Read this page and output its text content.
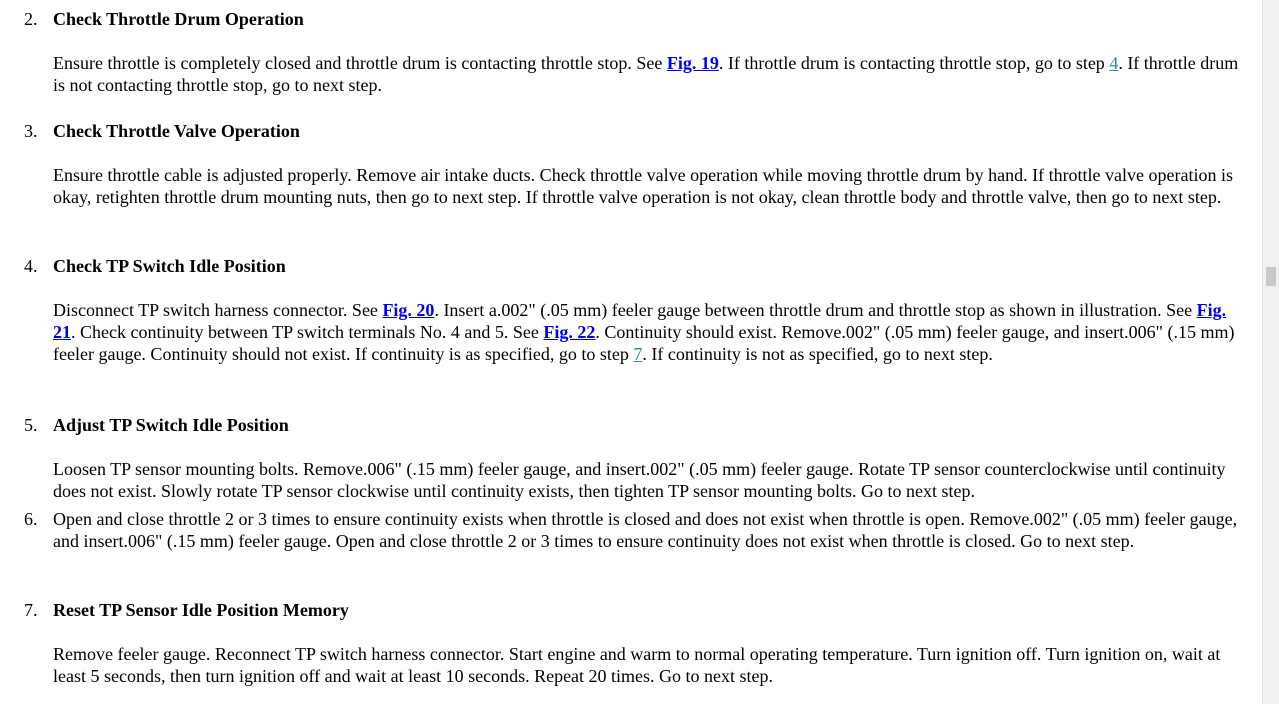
2. Check Throttle Drum Operation
Ensure throttle is completely closed and throttle drum is contacting throttle stop. See Fig. 19. If throttle drum is contacting throttle stop, go to step 4. If throttle drum is not contacting throttle stop, go to next step.
3. Check Throttle Valve Operation
Ensure throttle cable is adjusted properly. Remove air intake ducts. Check throttle valve operation while moving throttle drum by hand. If throttle valve operation is okay, retighten throttle drum mounting nuts, then go to next step. If throttle valve operation is not okay, clean throttle body and throttle valve, then go to next step.
4. Check TP Switch Idle Position
Disconnect TP switch harness connector. See Fig. 20. Insert a.002" (.05 mm) feeler gauge between throttle drum and throttle stop as shown in illustration. See Fig. 21. Check continuity between TP switch terminals No. 4 and 5. See Fig. 22. Continuity should exist. Remove.002" (.05 mm) feeler gauge, and insert.006" (.15 mm) feeler gauge. Continuity should not exist. If continuity is as specified, go to step 7. If continuity is not as specified, go to next step.
5. Adjust TP Switch Idle Position
Loosen TP sensor mounting bolts. Remove.006" (.15 mm) feeler gauge, and insert.002" (.05 mm) feeler gauge. Rotate TP sensor counterclockwise until continuity does not exist. Slowly rotate TP sensor clockwise until continuity exists, then tighten TP sensor mounting bolts. Go to next step.
6. Open and close throttle 2 or 3 times to ensure continuity exists when throttle is closed and does not exist when throttle is open. Remove.002" (.05 mm) feeler gauge, and insert.006" (.15 mm) feeler gauge. Open and close throttle 2 or 3 times to ensure continuity does not exist when throttle is closed. Go to next step.
7. Reset TP Sensor Idle Position Memory
Remove feeler gauge. Reconnect TP switch harness connector. Start engine and warm to normal operating temperature. Turn ignition off. Turn ignition on, wait at least 5 seconds, then turn ignition off and wait at least 10 seconds. Repeat 20 times. Go to next step.
